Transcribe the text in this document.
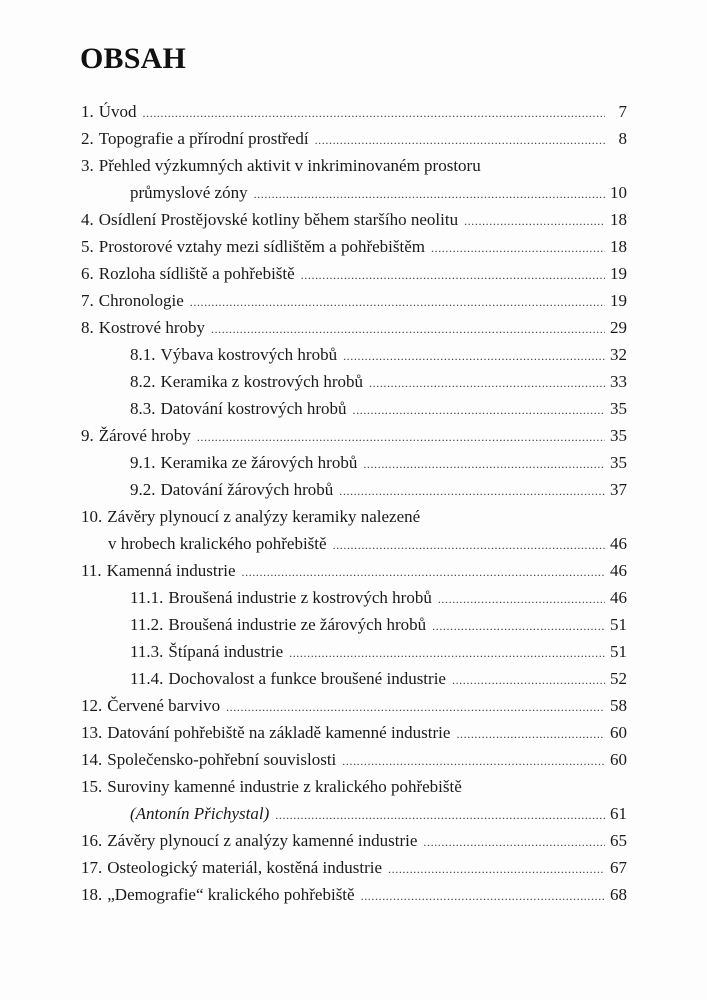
OBSAH
1. Úvod .....	7
2. Topografie a přírodní prostředí .....	8
3. Přehled výzkumných aktivit v inkriminovaném prostoru
průmyslové zóny .....	10
4. Osídlení Prostějovské kotliny během staršího neolitu .....	18
5. Prostorové vztahy mezi sídlištěm a pohřebištěm .....	18
6. Rozloha sídliště a pohřebiště .....	19
7. Chronologie .....	19
8. Kostrové hroby .....	29
8.1. Výbava kostrových hrobů .....	32
8.2. Keramika z kostrových hrobů .....	33
8.3. Datování kostrových hrobů .....	35
9. Žárové hroby .....	35
9.1. Keramika ze žárových hrobů .....	35
9.2. Datování žárových hrobů .....	37
10. Závěry plynoucí z analýzy keramiky nalezené
v hrobech kralického pohřebiště .....	46
11. Kamenná industrie .....	46
11.1. Broušená industrie z kostrových hrobů .....	46
11.2. Broušená industrie ze žárových hrobů .....	51
11.3. Štípaná industrie .....	51
11.4. Dochovalost a funkce broušené industrie .....	52
12. Červené barvivo .....	58
13. Datování pohřebiště na základě kamenné industrie .....	60
14. Společensko-pohřební souvislosti .....	60
15. Suroviny kamenné industrie z kralického pohřebiště
(Antonín Přichystal) .....	61
16. Závěry plynoucí z analýzy kamenné industrie .....	65
17. Osteologický materiál, kostěná industrie .....	67
18. „Demografie“ kralického pohřebiště .....	68
